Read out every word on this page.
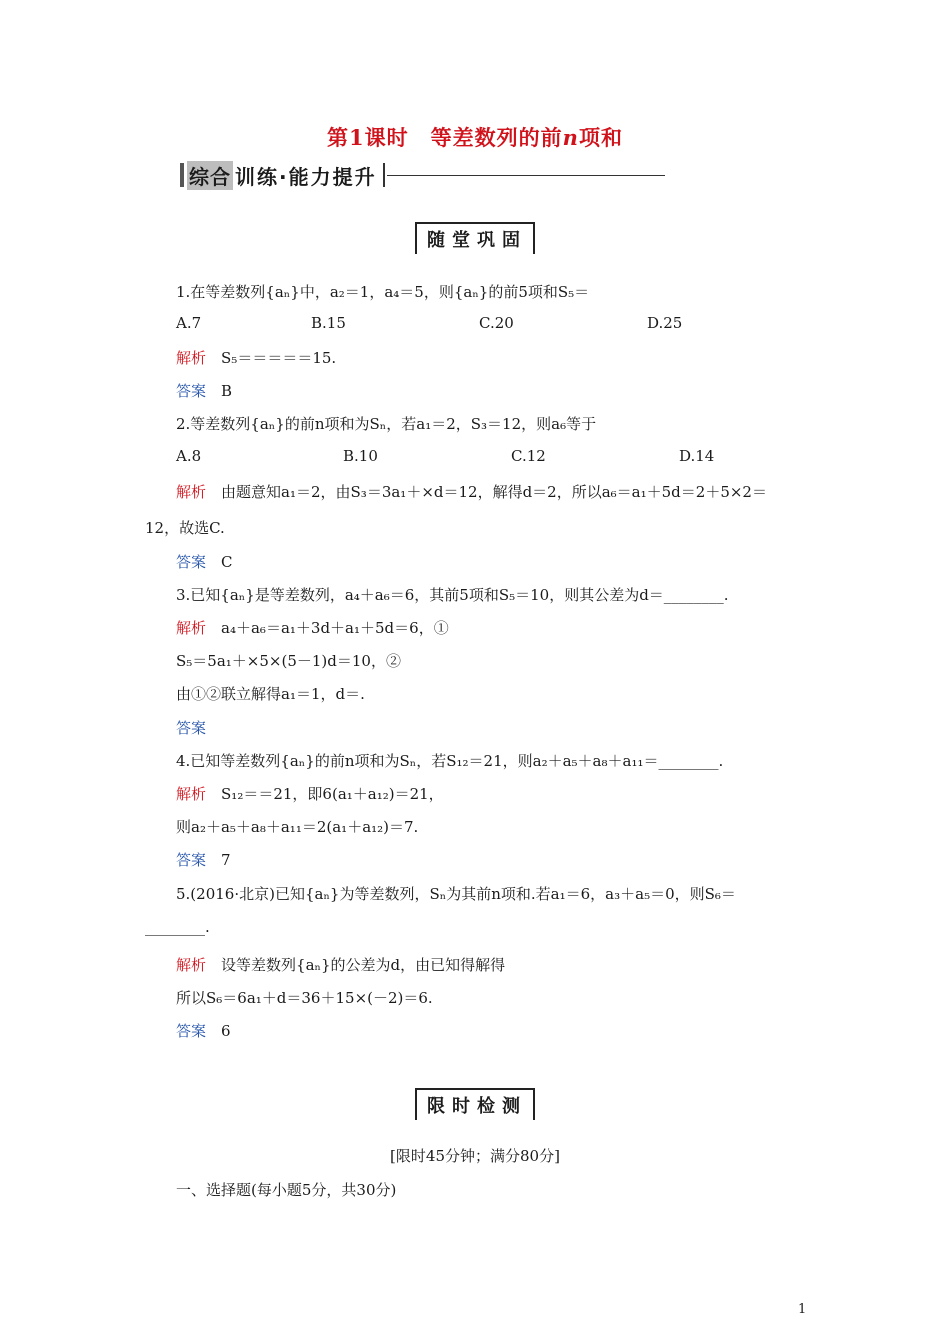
第1课时　等差数列的前n项和
综合 训练·能力提升
随堂巩固
1.在等差数列{aₙ}中，a₂＝1，a₄＝5，则{aₙ}的前5项和S₅＝
A.7	B.15	C.20	D.25
解析　 S₅＝＝＝＝＝15.
答案　 B
2.等差数列{aₙ}的前n项和为Sₙ，若a₁＝2，S₃＝12，则a₆等于
A.8	B.10	C.12	D.14
解析　 由题意知a₁＝2，由S₃＝3a₁＋×d＝12，解得d＝2，所以a₆＝a₁＋5d＝2＋5×2＝
12，故选C.
答案　 C
3.已知{aₙ}是等差数列，a₄＋a₆＝6，其前5项和S₅＝10，则其公差为d＝________.
解析　 a₄＋a₆＝a₁＋3d＋a₁＋5d＝6，①
S₅＝5a₁＋×5×(5－1)d＝10，②
由①②联立解得a₁＝1，d＝.
答案　
4.已知等差数列{aₙ}的前n项和为Sₙ，若S₁₂＝21，则a₂＋a₅＋a₈＋a₁₁＝________.
解析　 S₁₂＝＝21，即6(a₁＋a₁₂)＝21，
则a₂＋a₅＋a₈＋a₁₁＝2(a₁＋a₁₂)＝7.
答案　 7
5.(2016·北京)已知{aₙ}为等差数列，Sₙ为其前n项和.若a₁＝6，a₃＋a₅＝0，则S₆＝
________.
解析　 设等差数列{aₙ}的公差为d，由已知得解得
所以S₆＝6a₁＋d＝36＋15×(－2)＝6.
答案　 6
限时检测
[限时45分钟；满分80分]
一、选择题(每小题5分，共30分)
1
